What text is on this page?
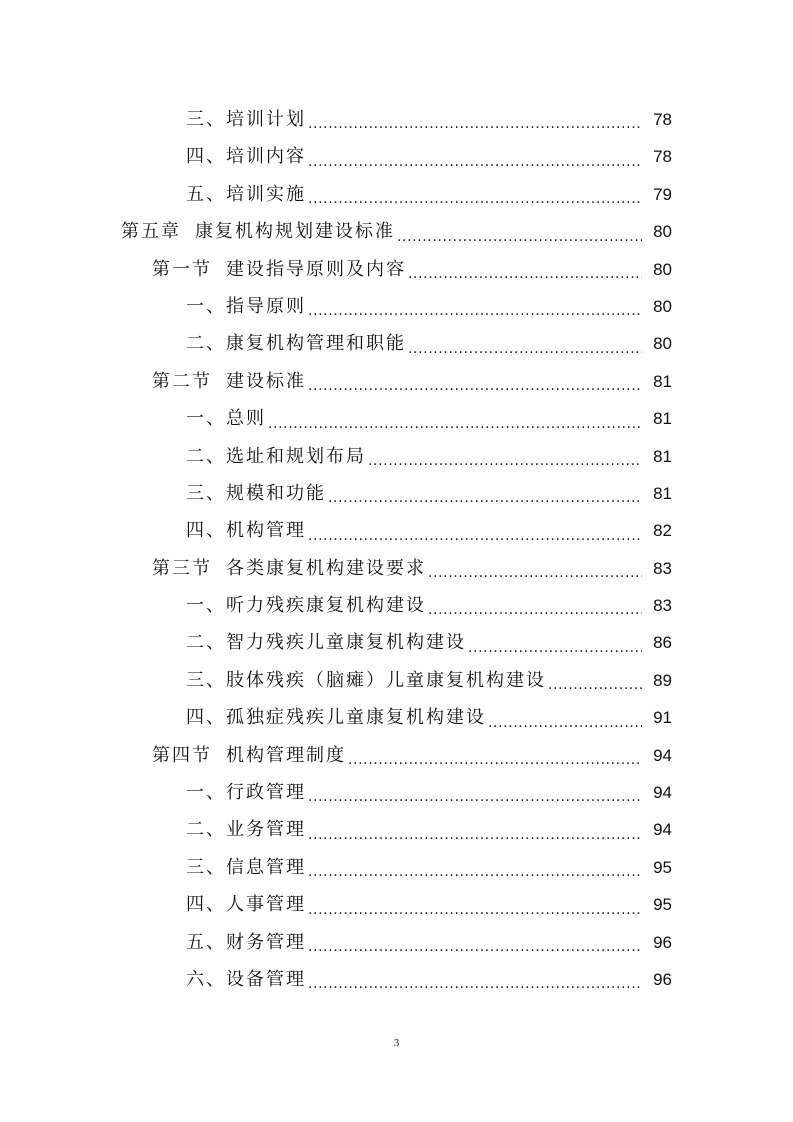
三、 培训计划 .....	78
四、 培训内容 .....	78
五、 培训实施 .....	79
第五章 康复机构规划建设标准 .....	80
第一节 建设指导原则及内容 .....	80
一、 指导原则 .....	80
二、 康复机构管理和职能 .....	80
第二节 建设标准 .....	81
一、 总则 .....	81
二、 选址和规划布局 .....	81
三、 规模和功能 .....	81
四、 机构管理 .....	82
第三节 各类康复机构建设要求 .....	83
一、 听力残疾康复机构建设 .....	83
二、 智力残疾儿童康复机构建设 .....	86
三、 肢体残疾（脑瘫）儿童康复机构建设 .....	89
四、 孤独症残疾儿童康复机构建设 .....	91
第四节 机构管理制度 .....	94
一、 行政管理 .....	94
二、 业务管理 .....	94
三、 信息管理 .....	95
四、 人事管理 .....	95
五、 财务管理 .....	96
六、 设备管理 .....	96
3
